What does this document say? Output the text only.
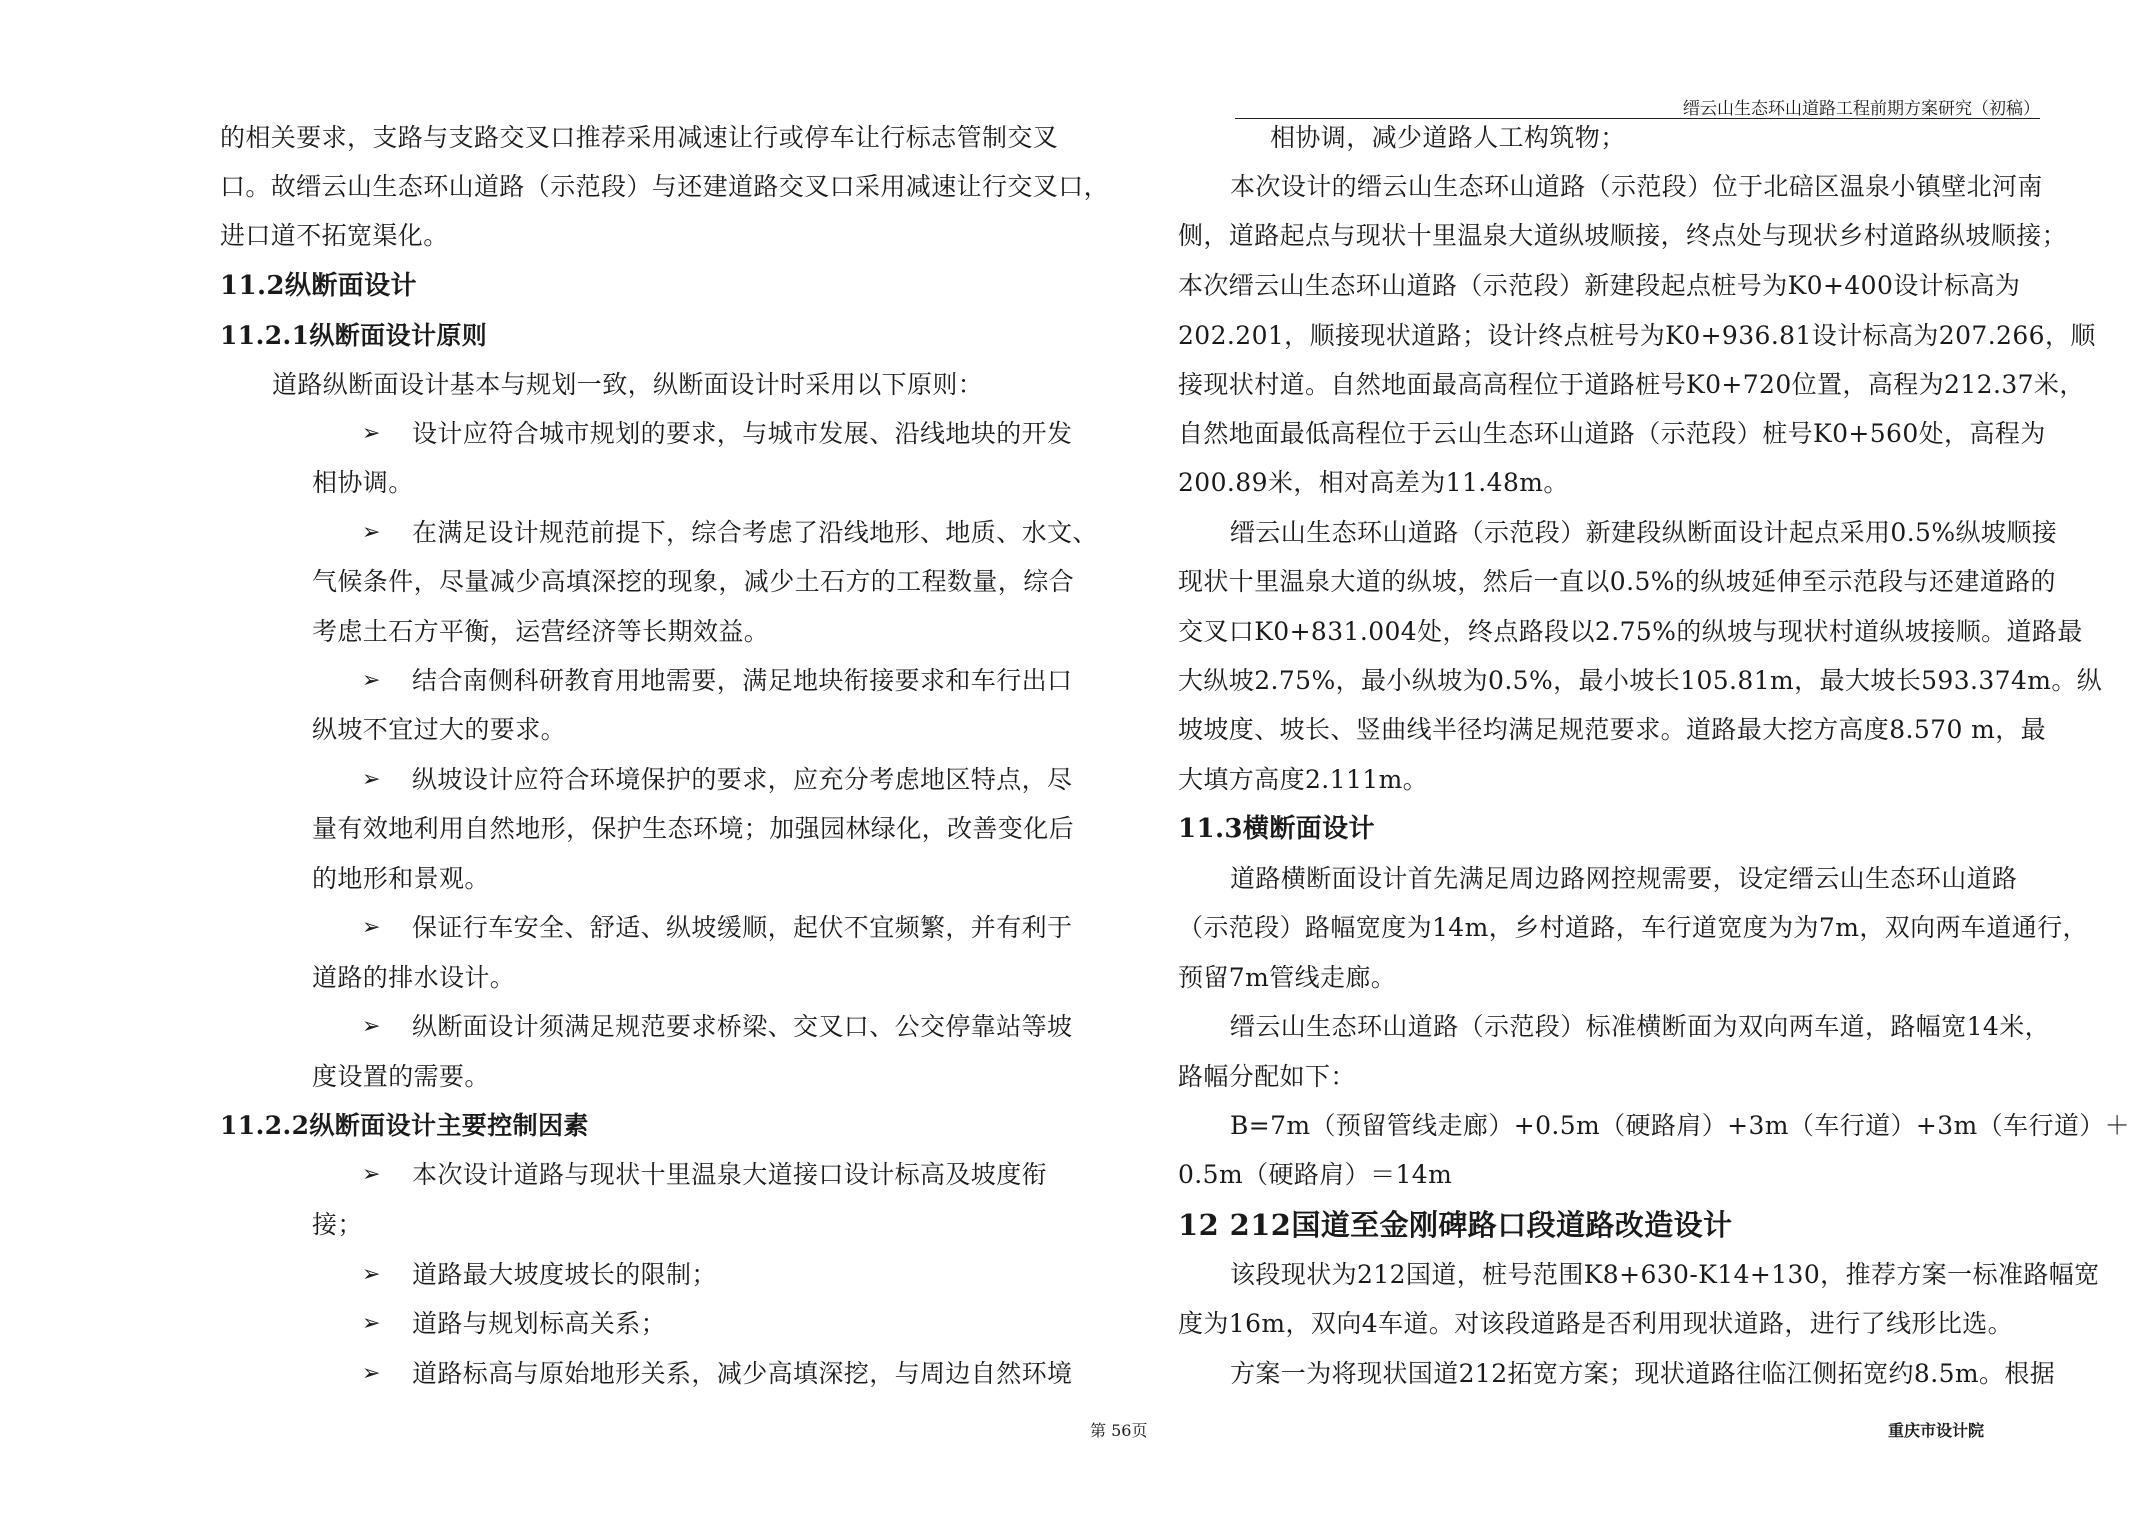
缙云山生态环山道路工程前期方案研究（初稿）
的相关要求，支路与支路交叉口推荐采用减速让行或停车让行标志管制交叉
口。故缙云山生态环山道路（示范段）与还建道路交叉口采用减速让行交叉口，
进口道不拓宽渠化。
11.2纵断面设计
11.2.1纵断面设计原则
道路纵断面设计基本与规划一致，纵断面设计时采用以下原则：
➢ 设计应符合城市规划的要求，与城市发展、沿线地块的开发
相协调。
➢ 在满足设计规范前提下，综合考虑了沿线地形、地质、水文、
气候条件，尽量减少高填深挖的现象，减少土石方的工程数量，综合
考虑土石方平衡，运营经济等长期效益。
➢ 结合南侧科研教育用地需要，满足地块衔接要求和车行出口
纵坡不宜过大的要求。
➢ 纵坡设计应符合环境保护的要求，应充分考虑地区特点，尽
量有效地利用自然地形，保护生态环境；加强园林绿化，改善变化后
的地形和景观。
➢ 保证行车安全、舒适、纵坡缓顺，起伏不宜频繁，并有利于
道路的排水设计。
➢ 纵断面设计须满足规范要求桥梁、交叉口、公交停靠站等坡
度设置的需要。
11.2.2纵断面设计主要控制因素
➢ 本次设计道路与现状十里温泉大道接口设计标高及坡度衔
接；
➢ 道路最大坡度坡长的限制；
➢ 道路与规划标高关系；
➢ 道路标高与原始地形关系，减少高填深挖，与周边自然环境
相协调，减少道路人工构筑物；
本次设计的缙云山生态环山道路（示范段）位于北碚区温泉小镇壁北河南
侧，道路起点与现状十里温泉大道纵坡顺接，终点处与现状乡村道路纵坡顺接；
本次缙云山生态环山道路（示范段）新建段起点桩号为K0+400设计标高为
202.201，顺接现状道路；设计终点桩号为K0+936.81设计标高为207.266，顺
接现状村道。自然地面最高高程位于道路桩号K0+720位置，高程为212.37米，
自然地面最低高程位于云山生态环山道路（示范段）桩号K0+560处，高程为
200.89米，相对高差为11.48m。
缙云山生态环山道路（示范段）新建段纵断面设计起点采用0.5%纵坡顺接
现状十里温泉大道的纵坡，然后一直以0.5%的纵坡延伸至示范段与还建道路的
交叉口K0+831.004处，终点路段以2.75%的纵坡与现状村道纵坡接顺。道路最
大纵坡2.75%，最小纵坡为0.5%，最小坡长105.81m，最大坡长593.374m。纵
坡坡度、坡长、竖曲线半径均满足规范要求。道路最大挖方高度8.570 m，最
大填方高度2.111m。
11.3横断面设计
道路横断面设计首先满足周边路网控规需要，设定缙云山生态环山道路
（示范段）路幅宽度为14m，乡村道路，车行道宽度为为7m，双向两车道通行，
预留7m管线走廊。
缙云山生态环山道路（示范段）标准横断面为双向两车道，路幅宽14米，
路幅分配如下：
B=7m（预留管线走廊）+0.5m（硬路肩）+3m（车行道）+3m（车行道）＋
0.5m（硬路肩）＝14m
12 212国道至金刚碑路口段道路改造设计
该段现状为212国道，桩号范围K8+630-K14+130，推荐方案一标准路幅宽
度为16m，双向4车道。对该段道路是否利用现状道路，进行了线形比选。
方案一为将现状国道212拓宽方案；现状道路往临江侧拓宽约8.5m。根据
第 56页	重庆市设计院
